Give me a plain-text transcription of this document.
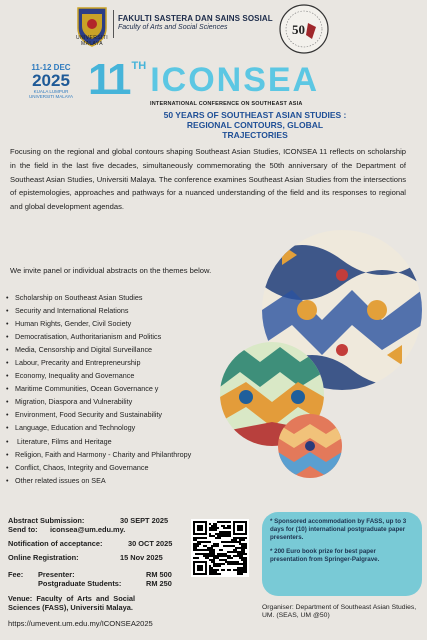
UNIVERSITI MALAYA
FAKULTI SASTERA DAN SAINS SOSIAL
Faculty of Arts and Social Sciences	50
11-12 DEC
2025
KUALA LUMPUR
UNIVERSITI MALAYA 11 TH ICONSEA
INTERNATIONAL CONFERENCE ON SOUTHEAST ASIA
50 YEARS OF SOUTHEAST ASIAN STUDIES : REGIONAL CONTOURS, GLOBAL TRAJECTORIES

Focusing on the regional and global contours shaping Southeast Asian Studies, ICONSEA 11 reflects on scholarship in the field in the last five decades, simultaneously commemorating the 50th anniversary of the Department of Southeast Asian Studies, Universiti Malaya. The conference examines Southeast Asian Studies from the intersections of epistemologies, approaches and pathways for a nuanced understanding of the field and its responses to regional and global development agendas.

We invite panel or individual abstracts on the themes below.

• Scholarship on Southeast Asian Studies
• Security and International Relations
• Human Rights, Gender, Civil Society
• Democratisation, Authoritarianism and Politics
• Media, Censorship and Digital Surveillance
• Labour, Precarity and Entrepreneurship
• Economy, Inequality and Governance
• Maritime Communities, Ocean Governance y
• Migration, Diaspora and Vulnerability
• Environment, Food Security and Sustainability
• Language, Education and Technology
• Literature, Films and Heritage
• Religion, Faith and Harmony - Charity and Philanthropy
• Conflict, Chaos, Integrity and Governance
• Other related issues on SEA
Abstract Submission:	30 SEPT 2025
Send to: iconsea@um.edu.my.
Notification of acceptance:	30 OCT 2025
Online Registration:	15 Nov 2025
Fee: Presenter:	RM 500
Postgraduate Students:	RM 250
Venue:  Faculty  of  Arts  and  Social
Sciences (FASS), Universiti Malaya.

* Sponsored accommodation by FASS, up to 3 days for (10) international postgraduate paper presenters.

* 200 Euro book prize for best paper presentation from Springer-Palgrave.

Organiser: Department of Southeast Asian Studies, UM. (SEAS, UM @50)
https://umevent.um.edu.my/ICONSEA2025
